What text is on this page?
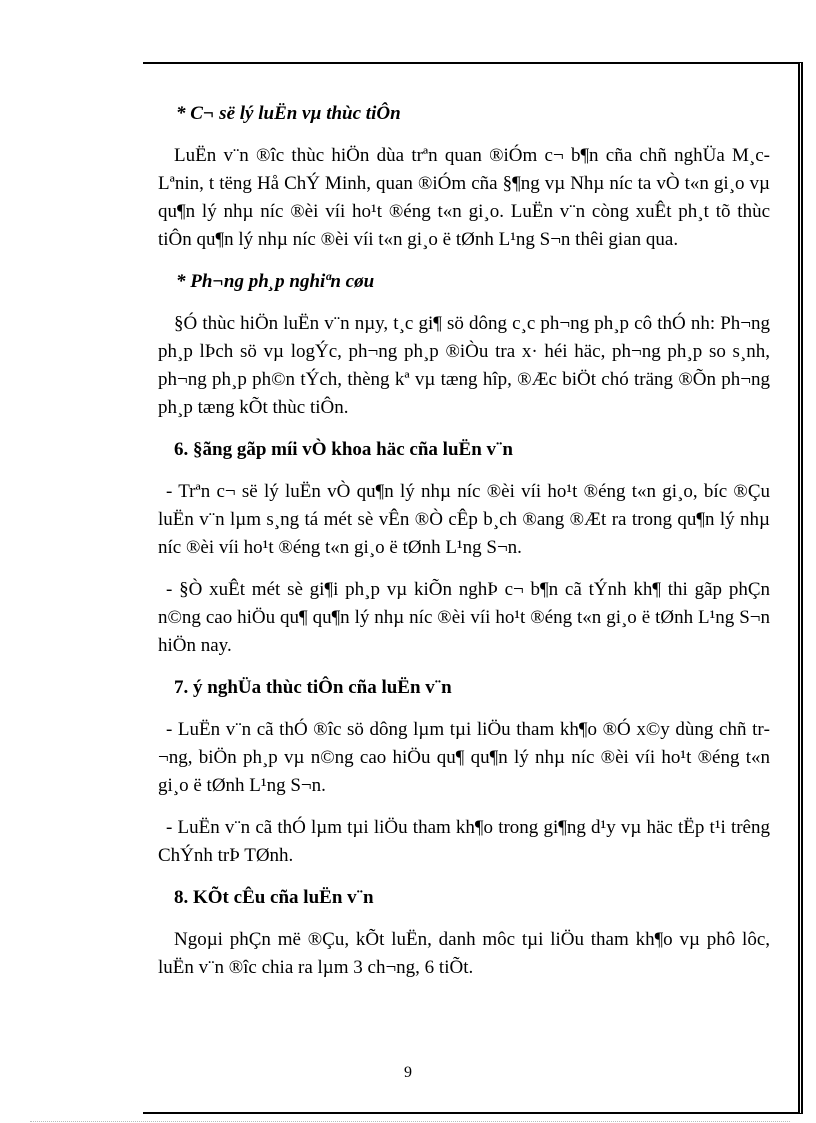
* C¬ së lý luËn vµ thùc tiÔn

LuËn v¨n ®îc thùc hiÖn dùa trªn quan ®iÓm c¬ b¶n cña chñ nghÜa M¸c-Lªnin, t tëng Hå ChÝ Minh, quan ®iÓm cña §¶ng vµ Nhµ níc ta vÒ t«n gi¸o vµ qu¶n lý nhµ níc ®èi víi ho¹t ®éng t«n gi¸o. LuËn v¨n còng xuÊt ph¸t tõ thùc tiÔn qu¶n lý nhµ níc ®èi víi t«n gi¸o ë tØnh L¹ng S¬n thêi gian qua.

* Ph¬ng ph¸p nghiªn cøu

§Ó thùc hiÖn luËn v¨n nµy, t¸c gi¶ sö dông c¸c ph¬ng ph¸p cô thÓ nh: Ph¬ng ph¸p lÞch sö vµ logÝc, ph¬ng ph¸p ®iÒu tra x· héi häc, ph¬ng ph¸p so s¸nh, ph¬ng ph¸p ph©n tÝch, thèng kª vµ tæng hîp, ®Æc biÖt chó träng ®Õn ph¬ng ph¸p tæng kÕt thùc tiÔn.

6. §ãng gãp míi vÒ khoa häc cña luËn v¨n

- Trªn c¬ së lý luËn vÒ qu¶n lý nhµ níc ®èi víi ho¹t ®éng t«n gi¸o, bíc ®Çu luËn v¨n lµm s¸ng tá mét sè vÊn ®Ò cÊp b¸ch ®ang ®Æt ra trong qu¶n lý nhµ níc ®èi víi ho¹t ®éng t«n gi¸o ë tØnh L¹ng S¬n.

- §Ò xuÊt mét sè gi¶i ph¸p vµ kiÕn nghÞ c¬ b¶n cã tÝnh kh¶ thi gãp phÇn n©ng cao hiÖu qu¶ qu¶n lý nhµ níc ®èi víi ho¹t ®éng t«n gi¸o ë tØnh L¹ng S¬n hiÖn nay.

7. ý nghÜa thùc tiÔn cña luËn v¨n

- LuËn v¨n cã thÓ ®îc sö dông lµm tµi liÖu tham kh¶o ®Ó x©y dùng chñ tr¬ng, biÖn ph¸p vµ n©ng cao hiÖu qu¶ qu¶n lý nhµ níc ®èi víi ho¹t ®éng t«n gi¸o ë tØnh L¹ng S¬n.

- LuËn v¨n cã thÓ lµm tµi liÖu tham kh¶o trong gi¶ng d¹y vµ häc tËp t¹i trêng ChÝnh trÞ TØnh.

8. KÕt cÊu cña luËn v¨n

Ngoµi phÇn më ®Çu, kÕt luËn, danh môc tµi liÖu tham kh¶o vµ phô lôc, luËn v¨n ®îc chia ra lµm 3 ch¬ng, 6 tiÕt.

9
